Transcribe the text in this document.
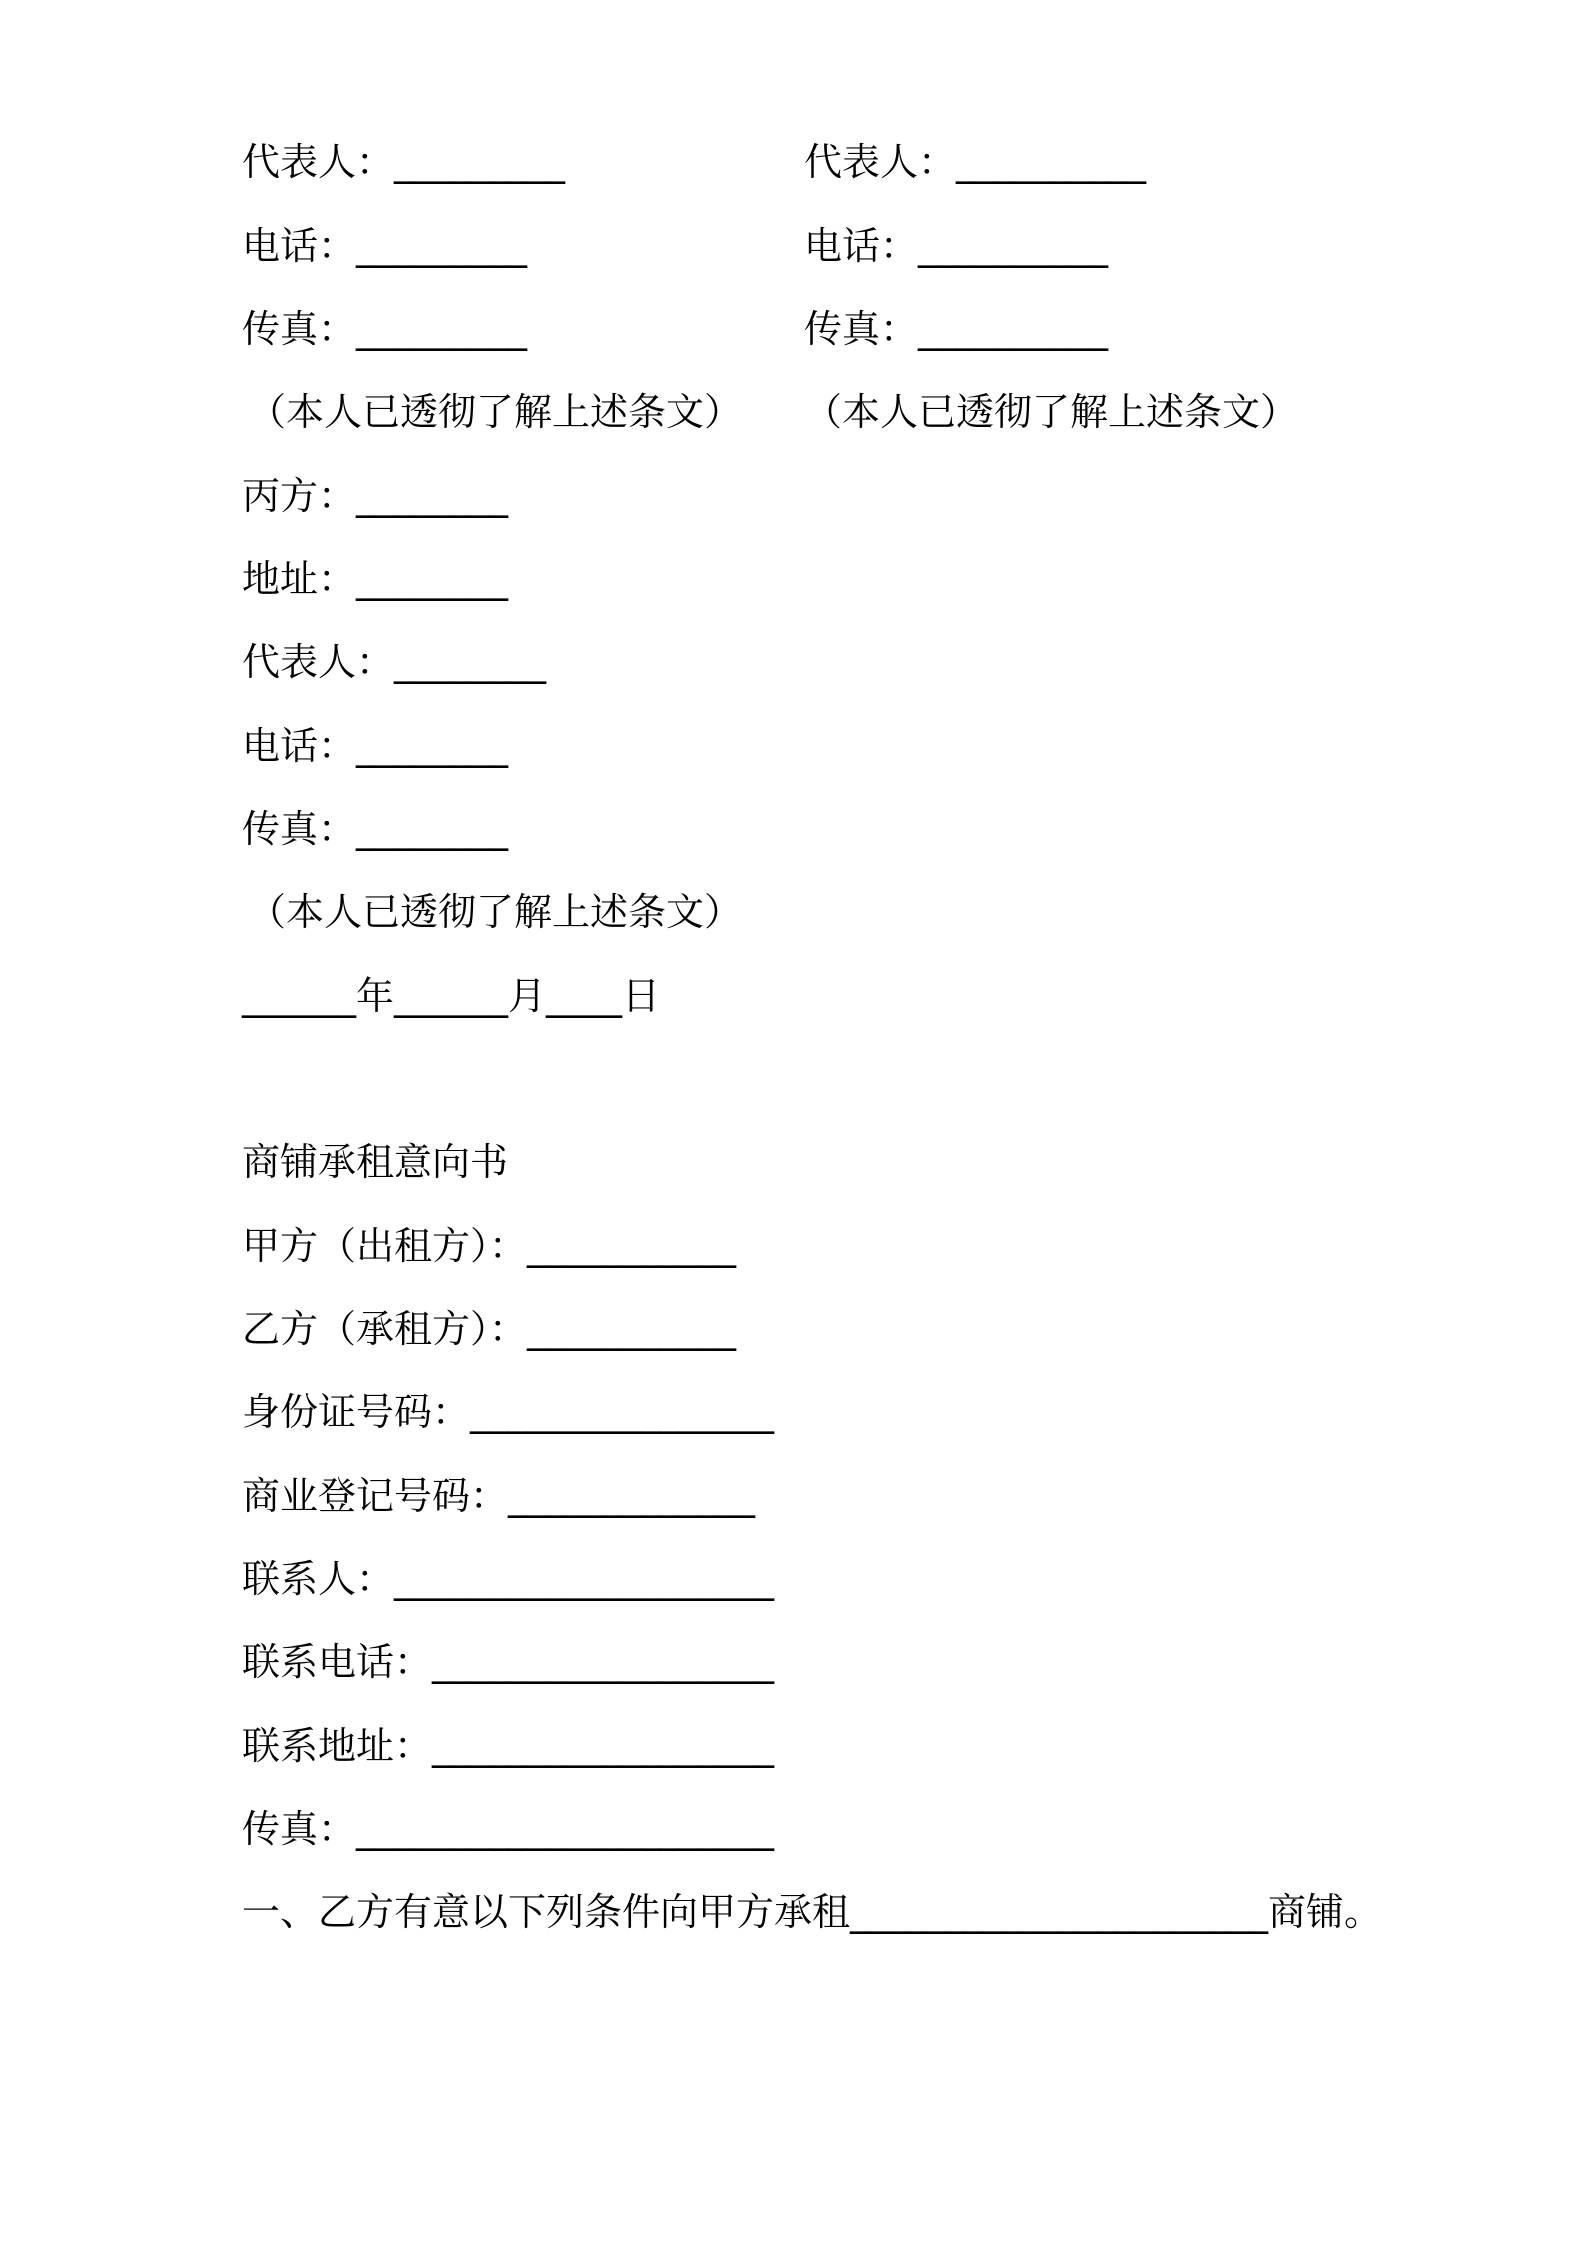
代表人：_________	代表人：__________
电话：_________	电话：__________
传真：_________	传真：__________
（本人已透彻了解上述条文） （本人已透彻了解上述条文）
丙方：________
地址：________
代表人：________
电话：________
传真：________
（本人已透彻了解上述条文）
______年______月____日
商铺承租意向书
甲方（出租方）：___________
乙方（承租方）：___________
身份证号码：________________
商业登记号码：_____________
联系人：____________________
联系电话：__________________
联系地址：__________________
传真：______________________
一、乙方有意以下列条件向甲方承租______________________商铺。
